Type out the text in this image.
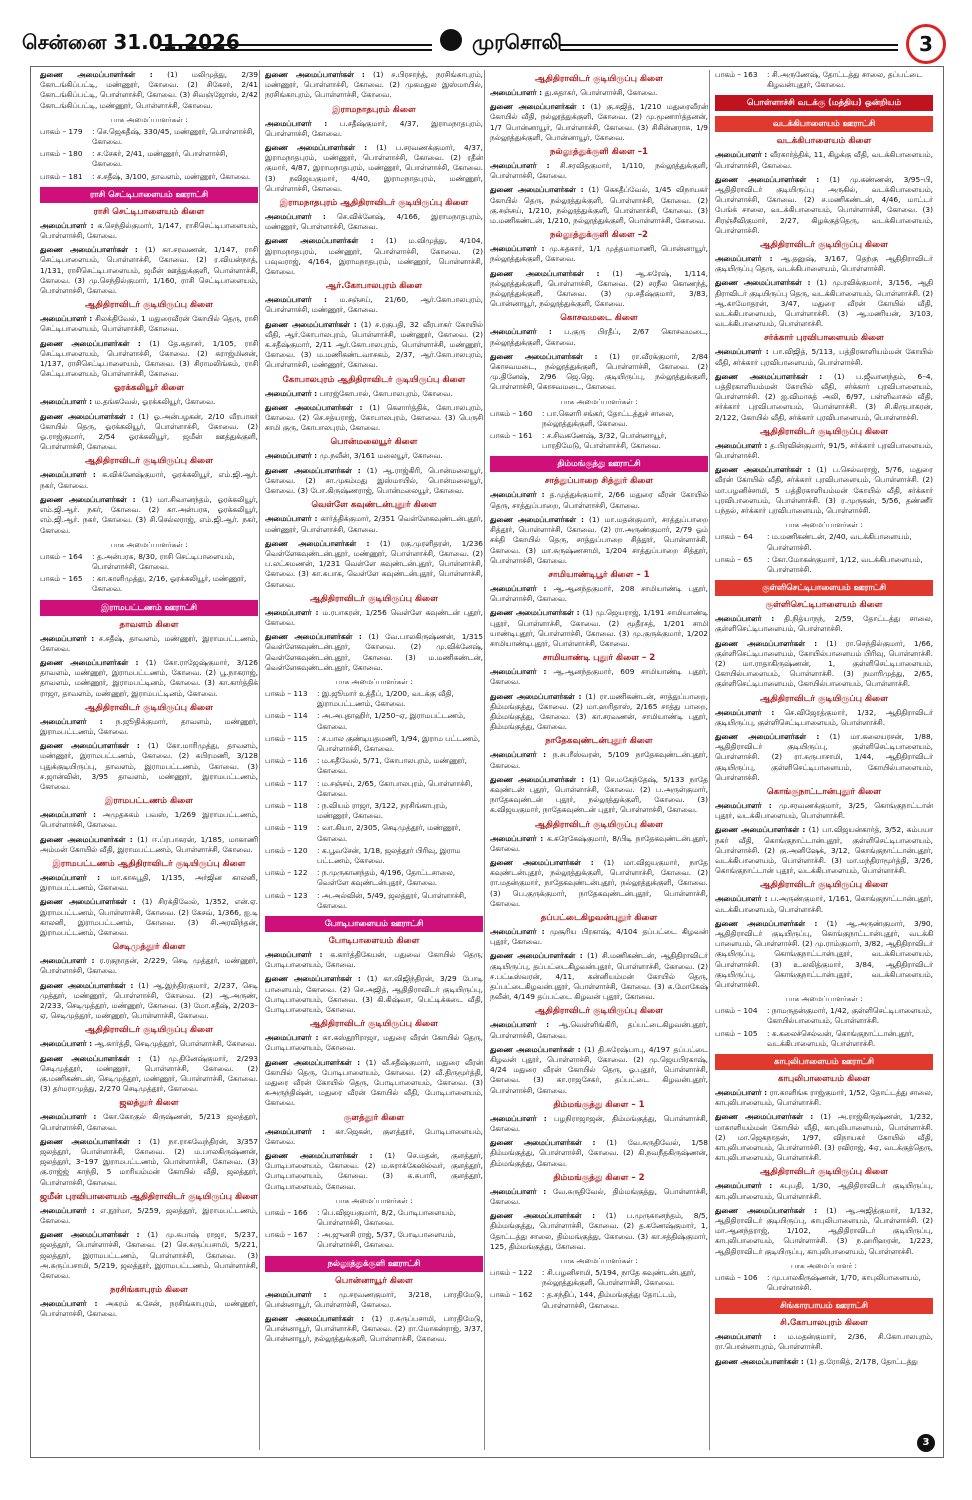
சென்னை 31.01.2026	முரசொலி	3

துணை அமைப்பாளர்கள் : (1) மலிமுத்து, 2/39 கோடங்கிப்பட்டி, மண்ணூர், கோவை. (2) சிகேசர், 2/41 கோடங்கிப்பட்டி, பொள்ளாச்சி, கோவை. (3) சிவஞ்ஜோஸ், 2/42 கோடங்கிப்பட்டி, மண்ணூர், பொள்ளாச்சி, கோவை.

பாக அமைப்பாளர்கள் :
பாகம் – 179	: செ.ஜெகதீஷ், 330/45, மண்ணூர், பொள்ளாச்சி, கோவை.
பாகம் – 180	: ச.சேகர், 2/41, மண்ணூர், பொள்ளாச்சி, கோவை.
பாகம் – 181	: ச.சதீஷ், 3/100, தாவளம், மண்ணூர், கோவை.
ராசி செட்டிபாளையம் ஊராட்சி
ராசி செட்டிபாளையம் கிளை

அமைப்பாளர் : க.செந்தில்குமார், 1/147, ராசிசெட்டிபாளையம், பொள்ளாச்சி, கோவை.

துணை அமைப்பாளர்கள் : (1) கா.சரவணன், 1/147, ராசி செட்டிபாளையம், பொள்ளாச்சி, கோவை. (2) ர.வியன்நாத், 1/131, ராசிசெட்டிபாளையம், ஜமீன் ஊத்துக்குளி, பொள்ளாச்சி, கோவை. (3) மு.செந்தில்குமார், 1/160, ராசி செட்டிபாளையம், பொள்ளாச்சி, கோவை.

ஆதிதிராவிடர் குடியிருப்பு கிளை

அமைப்பாளர் : சிலக்திவேல், 1 மதுரைவீரன் கோயில் தெரு, ராசி செட்டிபாளையம், பொள்ளாச்சி, கோவை.

துணை அமைப்பாளர்கள் : (1) தே.கதாசர், 1/105, ராசி செட்டிபாளையம், பொள்ளாச்சி, கோவை. (2) சுராஜ்மினன், 1/137, ராசிசெட்டிபாளையம், கோவை. (3) சிராமலிங்கம், ராசி செட்டிபாளையம், பொள்ளாச்சி, கோவை.

ஓரக்கலியூர் கிளை

அமைப்பாளர் : ம.தங்கவேல், ஓரக்கலியூர், கோவை.

துணை அமைப்பாளர்கள் : (1) ஓ.அன்பழகன், 2/10 வீரபாகர் கோயில் தெரு, ஓரக்கலியூர், பொள்ளாச்சி, கோவை. (2) ஓ.ராஜ்குமார், 2/54 ஓரக்கலியூர், ஜமீன் ஊத்துக்குளி, பொள்ளாச்சி, கோவை.

ஆதிதிராவிடர் குடியிருப்பு கிளை

அமைப்பாளர் : க.விக்னேஷ்குமார், ஓரக்கலியூர், எம்.ஜி.ஆர். நகர், கோவை.

துணை அமைப்பாளர்கள் : (1) மா.சிவானந்தம், ஓரக்கலியூர், எம்.ஜி.ஆர். நகர், கோவை. (2) கா.அன்பரசு, ஓரக்கலியூர், எம்.ஜி.ஆர். நகர், கோவை. (3) சி.செல்லராஜ், எம்.ஜி.ஆர். நகர், கோவை.

பாக அமைப்பாளர்கள் :
பாகம் – 164	: த.அன்பரசு, 8/30, ராசி செட்டிபாளையம், பொள்ளாச்சி, கோவை.
பாகம் – 165	: கா.காளிமுத்து, 2/16, ஓரக்கலியூர், மண்ணூர், கோவை.
இராமபட்டணம் ஊராட்சி
தாவளம் கிளை

அமைப்பாளர் : ச.சதீஷ், தாவளம், மண்ணூர், இராமபட்டணம், கோவை.

துணை அமைப்பாளர்கள் : (1) கோ.ராஜேஷ்குமார், 3/126 தாவளம், மண்ணூர், இராமபட்டணம், கோவை. (2) பூ.நாகராஜ், தாவளம், மண்ணூர், இராமபட்டினம், கோவை. (3) கா.கார்த்திக் ராஜா, தாவளம், மண்ணூர், இராமபட்டினம், கோவை.

ஆதிதிராவிடர் குடியிருப்பு கிளை

அமைப்பாளர் : ந.ஜூதிக்குமார், தாவளம், மண்ணூர், இராமபட்டணம், கோவை.

துணை அமைப்பாளர்கள் : (1) கோ.மாரிமுத்து, தாவளம், மண்ணூர், இராமபட்டணம், கோவை. (2) சுபிரமணி, 3/128 புதுக்குடியிருப்பு, தாவளம், இராமபட்டணம், கோவை. (3) ச.ஜான்வின், 3/95 தாவளம், மண்ணூர், இராமபட்டணம், கோவை.

இராமபட்டணம் கிளை

அமைப்பாளர் : அமுதசுகம் பவஸ், 1/269 இராமபட்டணம், பொள்ளாச்சி, கோவை.

துணை அமைப்பாளர்கள் : (1) ஈ.ப்ரபாகரன், 1/185, மாகாணி அம்மன் கோயில் வீதி, இராமபட்டணம், பொள்ளாச்சி, கோவை.

இராமபட்டணம் ஆதிதிராவிடர் குடியிருப்பு கிளை

அமைப்பாளர் : மா.காசுபூதி, 1/135, அர்ஜின காலனி, இராமபட்டணம், கோவை.

துணை அமைப்பாளர்கள் : (1) சிரக்திவேல், 1/352, என்.ஏ. இராமபட்டணம், பொள்ளாச்சி, கோவை. (2) கேசவ், 1/366, ஐ.டி காலனி, இராமபட்டணம், கோவை. (3) சி.அரவிந்தன், இராமபட்டணம், கோவை.

செடிமுத்தூர் கிளை

அமைப்பாளர் : ர.ரகுநாதன், 2/229, செடி முத்தூர், மண்ணூர், பொள்ளாச்சி, கோவை.

துணை அமைப்பாளர்கள் : (1) ஆ.இந்திரகுமார், 2/237, செடி முத்தூர், மண்ணூர், பொள்ளாச்சி, கோவை. (2) ஆ.அருண், 2/233, செடிமுத்தூர், மண்ணூர், கோவை. (3) மோ.சதீஷ், 2/203–ஏ, செடிமுத்தூர், மண்ணூர், பொள்ளாச்சி, கோவை.

ஆதிதிராவிடர் குடியிருப்பு கிளை

அமைப்பாளர் : ஆ.கார்த்தி, செடிமுத்தூர், பொள்ளாச்சி, கோவை.

துணை அமைப்பாளர்கள் : (1) மு.தினேஷ்குமார், 2/293 செடிமுத்தூர், மண்ணூர், பொள்ளாச்சி, கோவை. (2) கு.மணிகண்டன், செடிமுத்தூர், மண்ணூர், பொள்ளாச்சி, கோவை. (3) தர்மராமுத்து, 2/270 செடிமுத்தூர், கோவை.

ஜலத்தூர் கிளை

அமைப்பாளர் : கோ.கோகுல் கிருஷ்ணன், 5/213 ஜலத்தூர், பொள்ளாச்சி, கோவை.

துணை அமைப்பாளர்கள் : (1) நா.ராகவேந்திரன், 3/357 ஜலத்தூர், பொள்ளாச்சி, கோவை. (2) ம.பாலகிருஷ்ணன், ஜலத்தூர், 3–197 இராமபட்டணம், பொள்ளாச்சி, கோவை. (3) கு.ராஜ்ஜ் காந்தி, 5 மாரியம்மன் கோயில் வீதி, ஜலத்தூர், பொள்ளாச்சி, கோவை.

ஜமீன் புரவிபாளையம் ஆதிதிராவிடர் குடியிருப்பு கிளை

அமைப்பாளர் : எ.நூர்மா, 5/259, ஜலத்தூர், இராமபட்டணம், கோவை.

துணை அமைப்பாளர்கள் : (1) மு.சுபாஷ் ராஜா, 5/237, ஜலத்தூர், பொள்ளாச்சி, கோவை. (2) செ.சுருப்பசாமி, 5/221, ஜலத்தூர், இராமபட்டணம், பொள்ளாச்சி, கோவை. (3) அ.சுருப்பசாமி, 5/219, ஜலத்தூர், இராமபட்டணம், பொள்ளாச்சி, கோவை.

நரசிங்காபுரம் கிளை

அமைப்பாளர் : அகரம் க.சேன், நரசிங்காபுரம், மண்ணூர், பொள்ளாச்சி, கோவை.

துணை அமைப்பாளர்கள் : (1) ச.பிரசாந்த், நரசிங்காபுரம், மண்ணூர், பொள்ளாச்சி, கோவை. (2) முகமதுல இஸ்மாயில், நரசிங்காபுரம், பொள்ளாச்சி, கோவை.

இராமநாதபுரம் கிளை

அமைப்பாளர் : ப.சதீஷ்குமார், 4/37, இராமநாதபுரம், பொள்ளாச்சி, கோவை.

துணை அமைப்பாளர்கள் : (1) ப.சரவணக்குமார், 4/37, இராமநாதபுரம், மண்ணூர், பொள்ளாச்சி, கோவை. (2) ரதீன் குமார், 4/87, இராமநாதபுரம், மண்ணூர், பொள்ளாச்சி, கோவை. (3) நவிஜயகுமார், 4/40, இராமநாதபுரம், மண்ணூர், பொள்ளாச்சி, கோவை.

இராமநாதபுரம் ஆதிதிராவிடர் குடியிருப்பு கிளை

அமைப்பாளர் : செ.விக்னேஷ், 4/166, இராமநாதபுரம், மண்ணூர், பொள்ளாச்சி, கோவை.

துணை அமைப்பாளர்கள் : (1) ம.விமுத்து, 4/104, இராமநாதபுரம், மண்ணூர், பொள்ளாச்சி, கோவை. (2) பவுவராஜ், 4/164, இராமநாதபுரம், மண்ணூர், பொள்ளாச்சி, கோவை.

ஆர்.கோபாலபுரம் கிளை

அமைப்பாளர் : ம.சஞ்சய், 21/60, ஆர்.கோபாலபுரம், பொள்ளாச்சி, மண்ணூர், கோவை.

துணை அமைப்பாளர்கள் : (1) ச.ரகுபதி, 32 வீரபாகர் கோயில் வீதி, ஆர்.கோபாலபுரம், பொள்ளாச்சி, மண்ணூர், கோவை. (2) க.சதீஷ்குமார், 2/11 ஆர்.கோபாலபுரம், பொள்ளாச்சி, மண்ணூர், கோவை. (3) ம.மணிகண்டவாசகம், 2/37, ஆர்.கோபாலபுரம், பொள்ளாச்சி, மண்ணூர், கோவை.

கோபாலபுரம் ஆதிதிராவிடர் குடியிருப்பு கிளை

அமைப்பாளர் : பாரஜ்கோபால், கோபாலபுரம், கோவை.

துணை அமைப்பாளர்கள் : (1) கெளார்த்திக், கோபாலபுரம், கோவை. (2) செ.சத்யராஜ், கோபாலபுரம், கோவை. (3) பெருசி சாமி குரு, கோபாலபுரம், கோவை.

பொன்மலையூர் கிளை

அமைப்பாளர் : மு.நவீன், 3/161 மலையூர், கோவை.

துணை அமைப்பாளர்கள் : (1) ஆ.ராஜ்கிரி, பொன்மலையூர், கோவை. (2) சா.முகம்மது இஸ்மாயில், பொன்மலையூர், கோவை. (3) போ.கிருஷ்ணராஜ், பொன்மலையூர், கோவை.

வெள்ளே கவுண்டன்புதூர் கிளை

அமைப்பாளர் : கார்த்திக்குமார், 2/351 வெள்ளேகவுண்டன்புதூர், மண்ணூர், பொள்ளாச்சி, கோவை.

துணை அமைப்பாளர்கள் : (1) ரகு.முரளிதரன், 1/236 வெள்ளேகவுண்டன்புதூர், மண்ணூர், பொள்ளாச்சி, கோவை. (2) ப.லட்சுமணன், 1/231 வெள்ளே கவுண்டன்புதூர், பொள்ளாச்சி, கோவை. (3) கா.சுபாசு, வெள்ளே கவுண்டன்புதூர், பொள்ளாச்சி, கோவை.

ஆதிதிராவிடர் குடியிருப்பு கிளை

அமைப்பாளர் : ம.ரபாகரன், 1/256 வெள்ளே கவுண்டன் புதூர், கோவை.

துணை அமைப்பாளர்கள் : (1) வே.பாலகிருஷ்ணன், 1/315 வெள்ளேகவுண்டன்புதூர், கோவை. (2) மு.விக்னேஷ், வெள்ளேகவுண்டன்புதூர், கோவை. (3) ம.மணிகண்டன், வெள்ளேகவுண்டன்புதூர், கோவை.

பாக அமைப்பாளர்கள் :
பாகம் – 113	: இ.ஜூமார் உத்தீப், 1/200, வடக்கு வீதி, இராமபட்டணம், கோவை.
பாகம் – 114	: அ.அபுதாஹிர், 1/250–ஏ, இராமபட்டணம், கோவை.
பாகம் – 115	: ச.பால குண்டியதமணி, 1/94, இராம பட்டணம், பொள்ளாச்சி, கோவை.
பாகம் – 116	: ம.சுதீவேல், 5/71, கோபாலபுரம், மண்ணூர், கோவை.
பாகம் – 117	: ம.சஞ்சய், 2/65, கோபாலபுரம், பொள்ளாச்சி, கோவை.
பாகம் – 118	: ந.வியம் ராஜா, 3/122, நரசிங்காபுரம், மண்ணூர், கோவை.
பாகம் – 119	: வா.கியா, 2/305, செடிமுத்தூர், மண்ணூர், கோவை.
பாகம் – 120	: க.பூவசேன், 1/18, ஜலத்தூர் பிரிவு, இராம பட்டணம், கோவை.
பாகம் – 122	: ந.முருகானந்தம், 4/196, தோட்டசாலை, வெள்ளே கவுண்டன்புதூர், கோவை.
பாகம் – 123	: அ.அல்வின், 5/49, ஜலத்தூர், பொள்ளாச்சி, கோவை.
போடிபாளையம் ஊராட்சி
போடிபாளையம் கிளை

அமைப்பாளர் : க.கார்த்திகேயன், பதுவை கோயில் தெரு, போடிபாளையம், கோவை.

துணை அமைப்பாளர்கள் : (1) கா.விஜிந்திரன், 3/29 போடி பாளையம், கோவை. (2) செ.அஜித், ஆதிதிராவிடர் குடியிருப்பு, போடிபாளையம், கோவை. (3) கி.கிஷ்வா, பெட்டிக்கடை வீதி, போடிபாளையம், கோவை.

ஆதிதிராவிடர் குடியிருப்பு கிளை

அமைப்பாளர் : கா.கஸ்தூரிராஜா, மதுரை வீரன் கோயில் தெரு, போடிபாளையம், கோவை.

துணை அமைப்பாளர்கள் : (1) வீ.சதீஷ்குமார், மதுரை வீரன் கோயில் தெரு, போடிபாளையம், கோவை. (2) வீ.திருமூர்த்தி, மதுரை வீரன் கோயில் தெரு, போடிபாளையம், கோவை. (3) கஅருந்திஷ்ன், மதுரை வீரன் கோயில் வீதி, போடிபாளையம், கோவை.

குளத்தூர் கிளை

அமைப்பாளர் : கா.ஜெகன், குளத்தூர், போடிபாளையம், கோவை.

துணை அமைப்பாளர்கள் : (1) செ.மதன், குளத்தூர், போடிபாளையம், கோவை. (2) ம.சுராக்கேஸில்வர், குளத்தூர், போடிபாளையம், கோவை. (3) க.சுபாரி, குளத்தூர், போடிபாளையம், கோவை.

பாக அமைப்பாளர்கள் :
பாகம் – 166	: பெ.விஜயகுமார், 8/2, போடிபாளையம், பொள்ளாச்சி, கோவை.
பாகம் – 167	: அ.ஜுனசி ராஜ், 5/37, போடிபாளையம், பொள்ளாச்சி, கோவை.
நல்லூத்துக்குளி ஊராட்சி
பொன்னாயூர் கிளை

அமைப்பாளர் : மு.சரவணகுமார், 3/218, பாரதிமேடு, பொன்னாயூர், பொள்ளாச்சி, கோவை.

துணை அமைப்பாளர்கள் : (1) ர.சுருப்பசாமி, பாரதிமேடு, பொன்னாயூர், பொள்ளாச்சி, கோவை. (2) ரா.மோகன்ராஜ், 3/37, பொன்னாயூர், நல்லூத்துக்குளி, பொள்ளாச்சி, கோவை.

ஆதிதிராவிடர் குடியிருப்பு கிளை

அமைப்பாளர் : து.சுதாகர், பொள்ளாச்சி, கோவை.

துணை அமைப்பாளர்கள் : (1) கு.சுஜித், 1/210 மதுரைவீரன் கோயில் வீதி, நல்லூத்துக்குளி, கோவை. (2) மு.மூணார்த்தனன், 1/7 பொன்னாயூர், பொள்ளாச்சி, கோவை. (3) சிசின்னராசு, 1/9 நல்லூத்துக்குளி, பொன்னாயூர், கோவை.

நல்லூத்துக்குளி கிளை –1

அமைப்பாளர் : சி.சரவிதகுமார், 1/110, நல்லூத்துக்குளி, பொள்ளாச்சி, கோவை.

துணை அமைப்பாளர்கள் : (1) கெகதீப்வேல், 1/45 விநாயகர் கோயில் தெரு, நல்லூத்துக்குளி, பொள்ளாச்சி, கோவை. (2) கு.சஞ்சய், 1/210, நல்லூத்துக்குளி, பொள்ளாச்சி, கோவை. (3) ம.மணிகண்டன், 1/210, நல்லூத்துக்குளி, பொள்ளாச்சி, கோவை.

நல்லூத்துக்குளி கிளை –2

அமைப்பாளர் : மு.சுதகார், 1/1 முத்தமாமாணி, பொன்னாயூர், நல்லூத்துக்குளி, கோவை.

துணை அமைப்பாளர்கள் : (1) ஆ.சுரேஷ், 1/114, நல்லூத்துக்குளி, பொள்ளாச்சி, கோவை. (2) சரநீல கொணந்த், நல்லூத்துக்குளி, கோவை. (3) மு.சதீஷ்குமார், 3/83, பொன்னாயூர், நல்லூத்துக்குளி, கோவை.

கொசவமடை கிளை

அமைப்பாளர் : ப.குரு பிரதீப், 2/67 கொசவமடை, நல்லூத்துக்குளி, கோவை.

துணை அமைப்பாளர்கள் : (1) ரா.வீரக்குமார், 2/84 கொசவமடை, நல்லூத்துக்குளி, பொள்ளாச்சி, கோவை. (2) மு.தினேஷ், 2/96 ஜெ.ஜெ. குடியிருப்பு, நல்லூத்துக்குளி, பொள்ளாச்சி, கொசவமடை, கோவை.

பாக அமைப்பாளர்கள் :
பாகம் – 160	: பா.கௌரி சங்கர், தோட்டத்துச் சாலை, நல்லூத்துக்குளி, கோவை.
பாகம் – 161	: ச.சிவகணேஷ், 3/32, பொன்னாயூர், பாரதிமேடு, பொள்ளாச்சி, கோவை.
திம்மங்குத்து ஊராட்சி
சாத்துப்பாறை சித்தூர் கிளை

அமைப்பாளர் : த.முத்துக்குமார், 2/66 மதுரை வீரன் கோயில் தெரு, சாத்துப்பாறை, பொள்ளாச்சி, கோவை.

துணை அமைப்பாளர்கள் : (1) மா.மதன்குமார், சாத்துப்பாறை சித்தூர், பொள்ளாச்சி, கோவை. (2) ரா.அருண்குமார், 2/79 ஓம் சக்தி கோயில் தெரு, சாத்துப்பாறை சித்தூர், பொள்ளாச்சி, கோவை. (3) மா.சுருஷ்ணசாமி, 1/204 சாத்துப்பாறை சித்தூர், பொள்ளாச்சி, கோவை.

சாமியாண்டிபூர் கிளை – 1

அமைப்பாளர் : ஆ.ஆனந்தகுமார், 208 சாமியாண்டி புதூர், பொள்ளாச்சி, கோவை.

துணை அமைப்பாளர்கள் : (1) மு.ஜெயராஜ், 1/191 சாமியாண்டி புதூர், பொள்ளாச்சி, கோவை. (2) மூதீரசத், 1/201 சாமி யாண்டிபுதூர், பொள்ளாச்சி, கோவை. (3) மு.குருக்குமார், 1/202 சாமியாண்டிபுதூர், பொள்ளாச்சி, கோவை.

சாமியாண்டி புதூர் கிளை – 2

அமைப்பாளர் : ஆ.ஆனந்தகுமார், 609 சாமியாண்டி புதூர், கோவை.

துணை அமைப்பாளர்கள் : (1) ரா.மணிகண்டன், சாத்துப்பாறை, திம்மங்குத்து, கோவை. (2) மா.ஹரிதாஸ், 2/165 சாத்து பாறை, திம்மங்குத்து, கோவை. (3) கா.சரவணன், சாமியாண்டி புதூர், திம்மங்குத்து, கோவை.

நாதேகவுண்டன்புதூர் கிளை

அமைப்பாளர் : ந.சபரீஸ்வரன், 5/109 நாதேகவுண்டன்புதூர், கோவை.

துணை அமைப்பாளர்கள் : (1) செ.மகேந்தேஷ், 5/133 நாதே கவுண்டன் புதூர், பொள்ளாச்சி, கோவை. (2) ப.அருள்குமார், நாதேகவுண்டன் புதூர், நல்லூத்துக்குளி, கோவை. (3) க.விஜயகுமார், நாதேகவுண்டன் புதூர், பொள்ளாச்சி, கோவை.

ஆதிதிராவிடர் குடியிருப்பு கிளை

அமைப்பாளர் : க.சுரேகேஷ்குமார், 8/பிடி நாதேகவுண்டன்புதூர், கோவை.

துணை அமைப்பாளர்கள் : (1) மா.விஜயகுமார், நாதே கவுண்டன்புதூர், நல்லூத்துக்குளி, பொள்ளாச்சி, கோவை. (2) ரா.மதன்குமார், நாதேகவுண்டன்புதூர், நல்லூத்துக்குளி, கோவை. (3) பெ.குருக்குமார், நாதேகவுண்டன்புதூர், பொள்ளாச்சி, கோவை.

தப்பட்டைகிழவன்புதூர் கிளை

அமைப்பாளர் : முசூரிய பிரகாஷ், 4/104 தப்பட்டை கிழவன் புதூர், கோவை.

துணை அமைப்பாளர்கள் : (1) சி.மணிகண்டன், ஆதிதிராவிடர் குடியிருப்பு, தப்பட்டைகிழவன்புதூர், பொள்ளாச்சி, கோவை. (2) ச.பட்டீஸ்வரன், 4/11, கன்னியம்மன் கோயில் தெரு, தப்பட்டைகிழவன்புதூர், பொள்ளாச்சி, கோவை. (3) க.மோகேஷ் நவீன், 4/149 தப்பட்டை கிழவன் புதூர், கோவை.

ஆதிதிராவிடர் குடியிருப்பு கிளை

அமைப்பாளர் : ஆ.வெள்ளிங்கிரி, தப்பட்டைகிழவன்புதூர், பொள்ளாச்சி, கோவை.

துணை அமைப்பாளர்கள் : (1) தி.சுரேஷ்பாபு, 4/197 தப்பட்டை கிழவன் புதூர், பொள்ளாச்சி, கோவை. (2) மு.ஜெயபிரகாஷ், 4/24 மதுரை வீரன் கோயில் தெரு, ஓ.புதூர், பொள்ளாச்சி, கோவை. (3) கா.ராஜசேகர், தப்பட்டை கிழவன்புதூர், பொள்ளாச்சி, கோவை.

திம்மங்குத்து கிளை – 1

அமைப்பாளர் : பழநிராஜாஜன், திம்மங்குத்து, பொள்ளாச்சி, கோவை.

துணை அமைப்பாளர்கள் : (1) வே.சுருதிவேல், 1/58 திம்மங்குத்து, பொள்ளாச்சி, கோவை. (2) கி.நவநீதகிருஷ்ணன், திம்மங்குத்து, கோவை.

திம்மங்குத்து கிளை – 2

அமைப்பாளர் : வே.சுருதிவேல், திம்மங்குத்து, பொள்ளாச்சி, கோவை.

துணை அமைப்பாளர்கள் : (1) ப.முருகானந்தம், 8/5, திம்மங்குத்து, பொள்ளாச்சி, கோவை. (2) த.கணேஷ்குமார், 1, தோட்டத்து சாலை, திம்மங்குத்து, கோவை. (3) கா.சத்திஷ்குமார், 125, திம்மங்குத்து, கோவை.

பாக அமைப்பாளர்கள் :
பாகம் – 122	: சி.பழனிசாமி, 5/194, நாதே கவுண்டன்புதூர், நல்லூத்துக்குளி, பொள்ளாச்சி, கோவை.
பாகம் – 162	: த.சந்திப், 144, திம்மங்குத்து தோட்டம், பொள்ளாச்சி, கோவை.
பாகம் – 163	: சி.அருணேஷ், தோட்டத்து சாலை, தப்பட்டை கிழவன்புதூர், கோவை.
பொள்ளாச்சி வடக்கு (மத்திய) ஒன்றியம்
வடக்கிபாளையம் ஊராட்சி
வடக்கிபாளையம் கிளை

அமைப்பாளர் : வீரகார்த்திக், 11, கிழக்கு வீதி, வடக்கிபாளையம், பொள்ளாச்சி, கோவை.

துணை அமைப்பாளர்கள் : (1) மு.கண்ணன், 3/95–பி, ஆதிதிராவிடர் குடியிருப்பு அருகில், வடக்கிபாளையம், பொள்ளாச்சி, கோவை. (2) ச.மணிகண்டன், 4/46, மாட்டர் பேங்க் சாலை, வடக்கிபாளையம், பொள்ளாச்சி, கோவை. (3) சிரஞ்சீவிகுமார், 2/27, கிழக்குத்தெரு, வடக்கிபாளையம், பொள்ளாச்சி.

ஆதிதிராவிடர் குடியிருப்பு கிளை

அமைப்பாளர் : ஆ.தனுஷ், 3/167, தெற்கு ஆதிதிராவிடர் குடியிருப்பு தெரு, வடக்கிபாளையம், பொள்ளாச்சி.

துணை அமைப்பாளர்கள் : (1) மு.ரவிக்குமார், 3/156, ஆதி திராவிடர் குடியிருப்பு தெரு, வடக்கிபாளையம், பொள்ளாச்சி. (2) ஆ.காமோதரன், 3/47, மதுரை வீரன் கோயில் வீதி, வடக்கிபாளையம், பொள்ளாச்சி. (3) ஆ.மணியன், 3/103, வடக்கிபாளையம், பொள்ளாச்சி.

சர்க்கார் புரவிபாளையம் கிளை

அமைப்பாளர் : பா.விஜித், 5/113, பத்திரகாளியம்மன் கோயில் வீதி, சர்க்கார் புரவிபாளையம், பொள்ளாச்சி.

துணை அமைப்பாளர்கள் : (1) ப.ஜீவானந்தம், 6–4, பத்திரகாளியம்மன் கோயில் வீதி, சர்க்கார் புரவிபாளையம், பொள்ளாச்சி. (2) ஐ.விமாசுத் அலி, 6/97, பள்ளிவாசல் வீதி, சர்க்கார் புரவிபாளையம், பொள்ளாச்சி. (3) சி.கிருபாகரன், 2/122, கோயில் வீதி, சர்க்கார் புரவிபாளையம், பொள்ளாச்சி.

ஆதிதிராவிடர் குடியிருப்பு கிளை

அமைப்பாளர் : த.பிரவின்குமார், 91/5, சர்க்கார் புரவிபாளையம், பொள்ளாச்சி.

துணை அமைப்பாளர்கள் : (1) ப.செல்வராஜ், 5/76, மதுரை வீரன் கோயில் வீதி, சர்க்கார் புரவிபாளையம், பொள்ளாச்சி. (2) மா.பழனிச்சாமி, 5 பத்திரகாளியம்மன் கோயில் வீதி, சர்க்கார் புரவிபாளையம், பொள்ளாச்சி. (3) ர.முருகன், 5/56, தண்ணீர் பந்தல், சர்க்கார் புரவிபாளையம், பொள்ளாச்சி.

பாக அமைப்பாளர்கள் :
பாகம் – 64	: ம.மணிகண்டன், 2/40, வடக்கிபாளையம், பொள்ளாச்சி.
பாகம் – 65	: கோ.மோகன்குமார், 1/12, வடக்கிபாளையம், பொள்ளாச்சி.
குள்ளிசெட்டிபாளையம் ஊராட்சி
குள்ளிசெட்டிபாளையம் கிளை

அமைப்பாளர் : தி.நித்யாநந், 2/59, தோட்டத்து சாலை, குள்ளிசெட்டிபாளையம், பொள்ளாச்சி.

துணை அமைப்பாளர்கள் : (1) ரா.செந்தில்குமார், 1/66, குள்ளிசெட்டிபாளையம், கோயில்பாளையம் பிரிவு, பொள்ளாச்சி. (2) மா.ராதாகிருஷ்ணன், 1, குள்ளிசெட்டிபாளையம், கோயில்பாளையம், பொள்ளாச்சி. (3) நமாரிமுத்து, 2/65, குள்ளிசெட்டிபாளையம், கோயில்பாளையம், பொள்ளாச்சி.

ஆதிதிராவிடர் குடியிருப்பு கிளை

அமைப்பாளர் : செ.விஜேரத்குமார், 1/32, ஆதிதிராவிடர் குடியிருப்பு, குள்ளிசெட்டிபாளையம், பொள்ளாச்சி.

துணை அமைப்பாளர்கள் : (1) மா.கலையரசன், 1/88, ஆதிதிராவிடர் குடியிருப்பு, குள்ளிசெட்டிபாளையம், பொள்ளாச்சி. (2) ரா.சுருபாசாமி, 1/44, ஆதிதிராவிடர் குடியிருப்பு, குள்ளிசெட்டிபாளையம், கோயில்பாளையம், பொள்ளாச்சி.

கொங்குநாட்டான்புதூர் கிளை

அமைப்பாளர் : மு.சரவணக்குமார், 3/25, கொங்குநாட்டான் புதூர், வடக்கிபாளையம், பொள்ளாச்சி.

துணை அமைப்பாளர்கள் : (1) பா.விஜயன்கார்த், 3/52, கம்பயா நகர் வீதி, கொங்குநாட்டான்புதூர், குள்ளிசெட்டிபாளையம், பொள்ளாச்சி. (2) கு.அனிஷேக், 3/12, கொங்குநாட்டான்புதூர், வடக்கிபாளையம், பொள்ளாச்சி. (3) மா.மந்திராமூர்த்தி, 3/26, கொங்குநாட்டான் புதூர், வடக்கிபாளையம், பொள்ளாச்சி.

ஆதிதிராவிடர் குடியிருப்பு கிளை

அமைப்பாளர் : ப.அருண்குமார், 1/161, கொங்குநாட்டான்புதூர், வடக்கிபாளையம், பொள்ளாச்சி.

துணை அமைப்பாளர்கள் : (1) ஆ.அருண்குமார், 3/90, ஆதிதிராவிடர் குடியிருப்பு, கொங்குநாட்டான்புதூர், வடக்கி பாளையம், பொள்ளாச்சி. (2) மு.ராம்குமார், 3/82, ஆதிதிராவிடர் குடியிருப்பு, கொங்குநாட்டான்புதூர், வடக்கிபாளையம், பொள்ளாச்சி. (3) உ.லலித்குமார், 3/84, ஆதிதிராவிடர் குடியிருப்பு, கொங்குநாட்டான்புதூர், வடக்கிபாளையம், பொள்ளாச்சி.

பாக அமைப்பாளர்கள் :
பாகம் – 104	: நாமருதன்குமார், 1/42, குள்ளிசெட்டிபாளையம், கோயில்பாளையம், பொள்ளாச்சி.
பாகம் – 105	: சு.கலைச்செல்வன், கொங்குநாட்டான்புதூர், வடக்கிபாளையம், பொள்ளாச்சி.
காபுலிபாளையம் ஊராட்சி
காபுலிபாளையம் கிளை

அமைப்பாளர் : ரா.காளிங்க ராஜ்குமார், 1/52, தோட்டத்து சாலை, காபுலிபாளையம், பொள்ளாச்சி.

துணை அமைப்பாளர்கள் : (1) அ.ராஜ்கிருஷ்ணன், 1/232, மாகாளியம்மன் கோயில் வீதி, காபுலிபாளையம், பொள்ளாச்சி. (2) மா.ஜெகநாதன், 1/97, விநாயகர் கோயில் வீதி, காபுலிபாளையம், பொள்ளாச்சி. (3) ரவிராஜ், 4ஏ, வடக்குத்தெரு, காபுலிபாளையம், பொள்ளாச்சி.

ஆதிதிராவிடர் குடியிருப்பு கிளை

அமைப்பாளர் : சுபுபதி, 1/30, ஆதிதிராவிடர் குடியிருப்பு, காபுலிபாளையம், பொள்ளாச்சி.

துணை அமைப்பாளர்கள் : (1) ஆ.அஜித்குமார், 1/132, ஆதிதிராவிடர் குடியிருப்பு, காபுலிபாளையம், பொள்ளாச்சி. (2) மா.ஆனந்தராஜ், 1/102, ஆதிதிராவிடர் குடியிருப்பு, காபுலிபாளையம், பொள்ளாச்சி. (3) ந.ஹரிஹரன், 1/223, ஆதிதிராவிடர் குடியிருப்பு, காபுலிபாளையம், பொள்ளாச்சி.

பாக அமைப்பாளர் :
பாகம் – 106	: மு.பாலகிருஷ்ணன், 1/70, காபுலிபாளையம், பொள்ளாச்சி.
சிங்காரபாயம் ஊராட்சி
சி.கோபாலபுரம் கிளை

அமைப்பாளர் : ம.மதன்குமார், 2/36, சி.கோபாலபுரம், ரா.பொன்னாபுரம், பொள்ளாச்சி.

துணை அமைப்பாளர்கள் : (1) த.ரோகித், 2/178, தோட்டத்து

3
